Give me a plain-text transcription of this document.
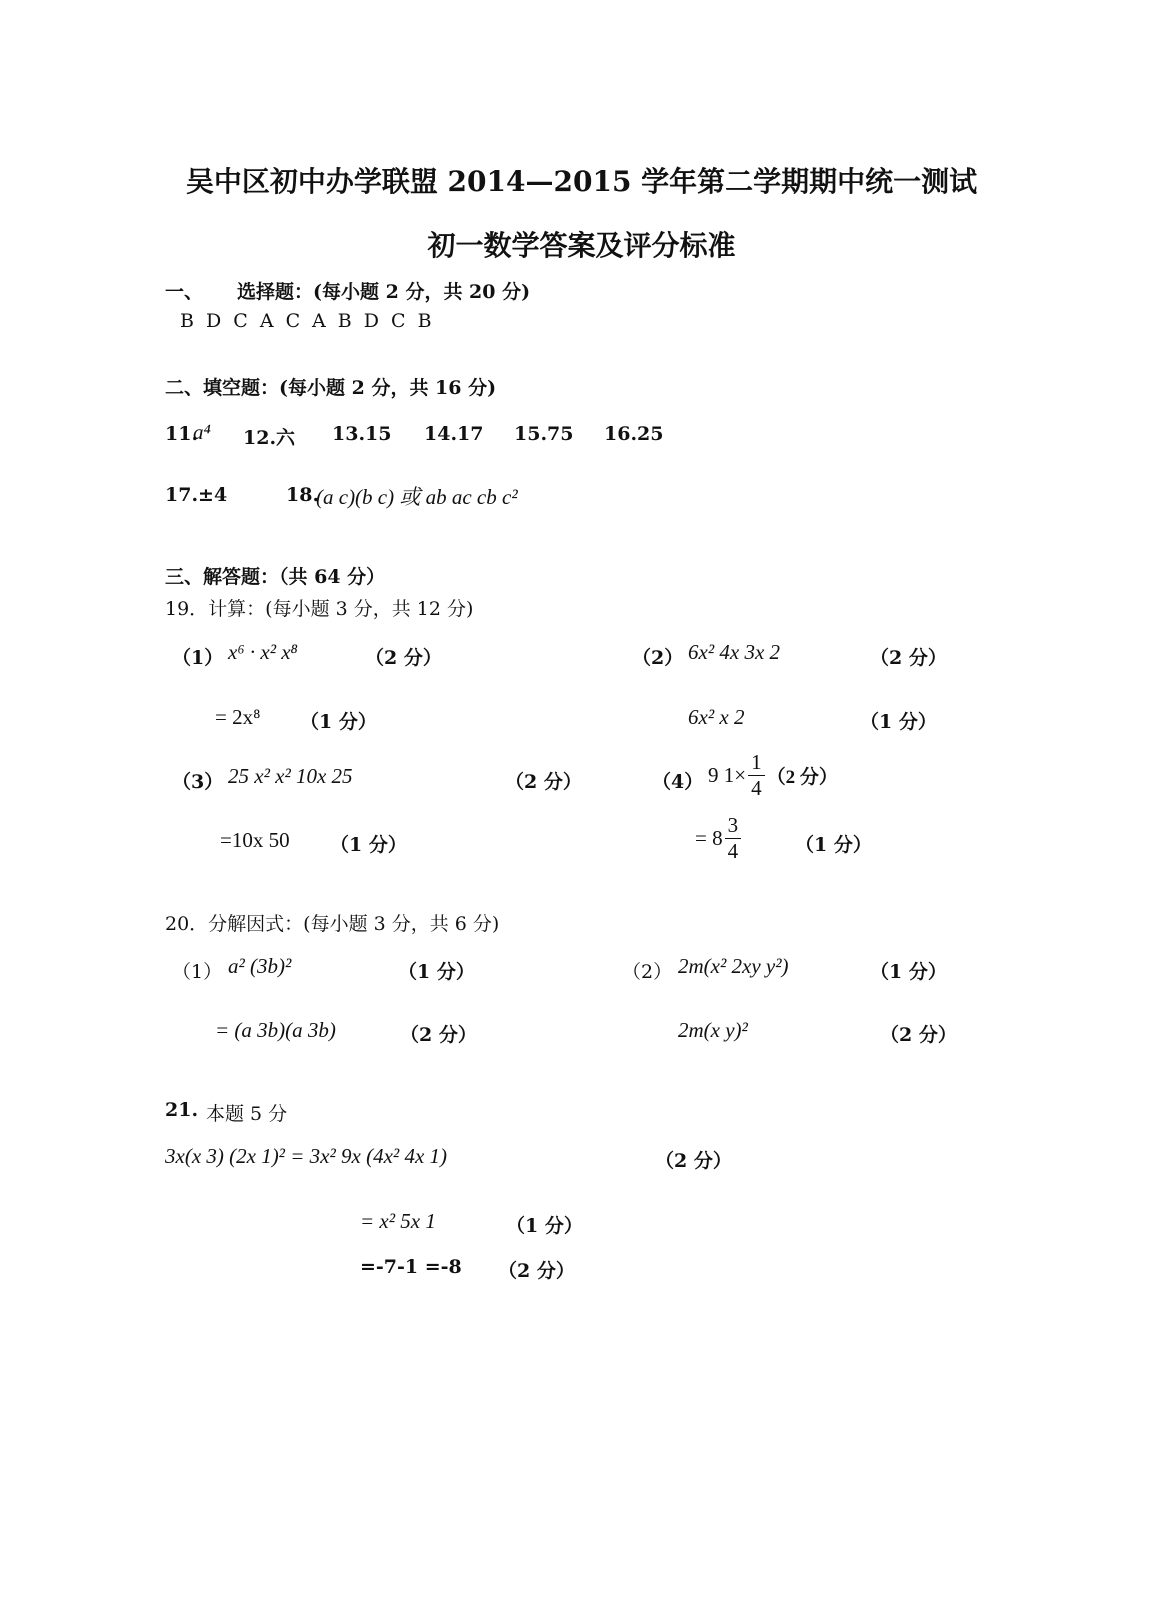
吴中区初中办学联盟 2014—2015 学年第二学期期中统一测试
初一数学答案及评分标准
一、 选择题：(每小题 2 分，共 20 分)
B D C A C A B D C B
二、填空题：(每小题 2 分，共 16 分)
11.
a⁴ 12.六 13.15 14.17 15.75 16.25
17.±4	18.
(a c)(b c) 或 ab ac cb c²
三、解答题：（共 64 分）
19．计算：(每小题 3 分，共 12 分)
（1） x⁶ · x² x⁸	（2 分）
= 2x⁸ （1 分）
（2） 6x² 4x 3x 2	（2 分）
6x² x 2	（1 分）
（3） 25 x² x² 10x 25	（2 分）
=10x 50 （1 分）
（4） 9 $1\times \frac{1}{4} (2$ 分）
= $8 \frac{3}{4}$	（1 分）
20．分解因式：(每小题 3 分，共 6 分)
（1） a² (3b)²	（1 分）
= (a 3b)(a 3b)	（2 分）
（2） 2m(x² 2xy y²)	（1 分）
2m(x y)²	（2 分）
21. 本题 5 分
3x(x 3) (2x 1)² = 3x² 9x (4x² 4x 1)	（2 分）
= x² 5x 1	（1 分）
=-7-1 =-8 （2 分）
